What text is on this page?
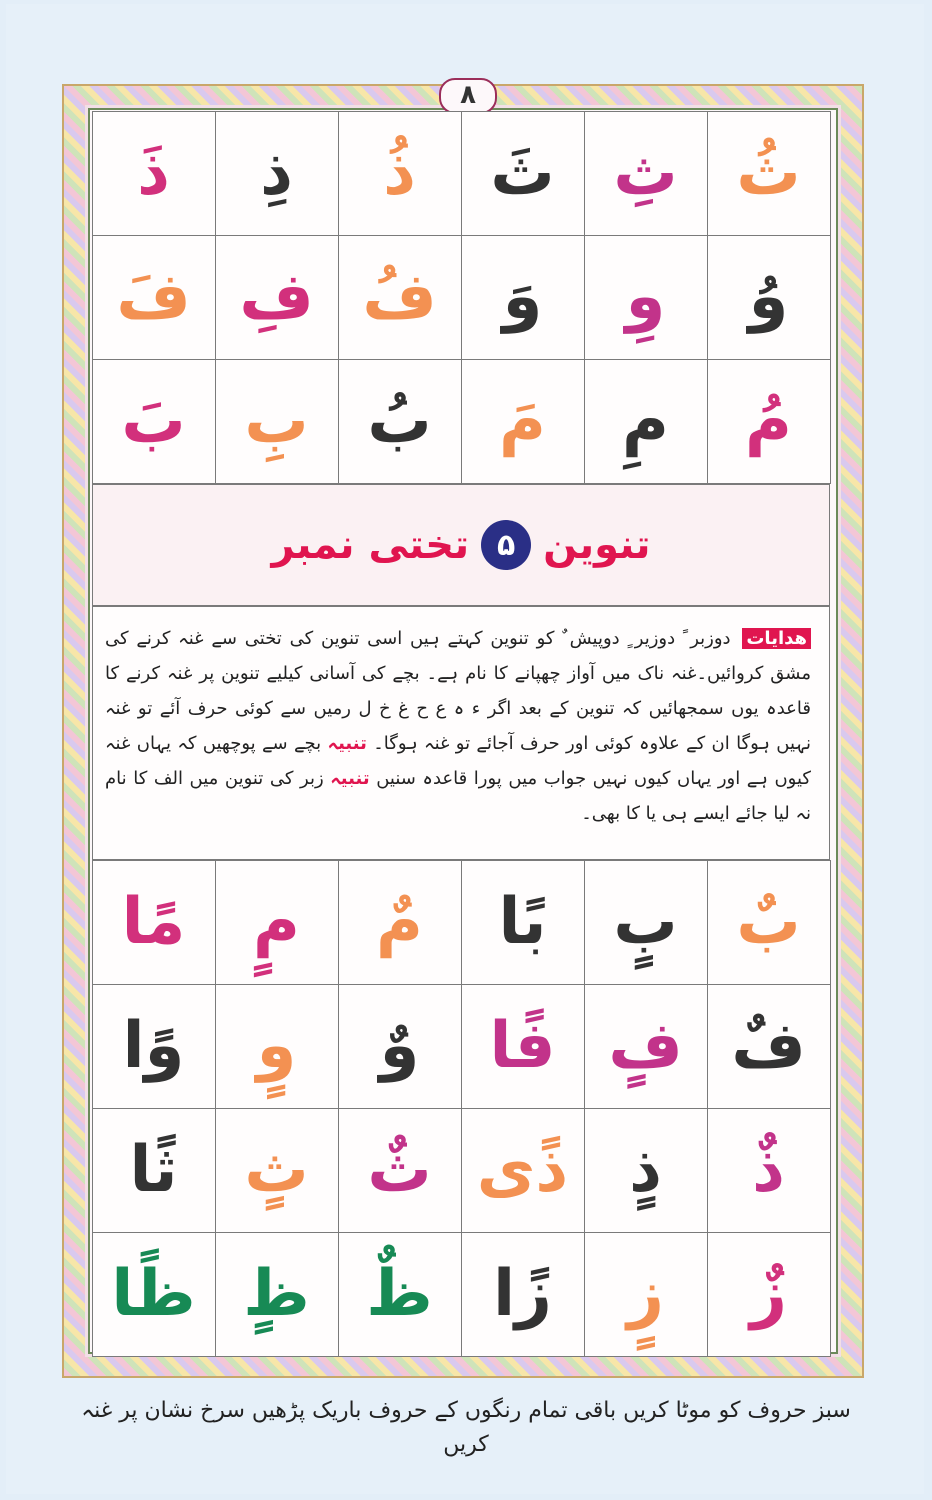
٨
ذَ	ذِ	ذُ	ثَ ثِ ثُ
فَ فِ فُ	وَ	وِ	وُ
بَ بِ بُ	مَ	مِ	مُ
تختی نمبر ۵ تنوین
ھدایات دوزبر ً دوزیر ٍ دوپیش ٌ کو تنوین کہتے ہیں اسی تنوین کی تختی سے غنہ کرنے کی مشق کروائیں۔غنہ ناک میں آواز چھپانے کا نام ہے۔ بچے کی آسانی کیلیے تنوین پر غنہ کرنے کا قاعدہ یوں سمجھائیں کہ تنوین کے بعد اگر ء ہ ع ح غ خ ل رمیں سے کوئی حرف آئے تو غنہ نہیں ہوگا ان کے علاوہ کوئی اور حرف آجائے تو غنہ ہوگا۔ تنبیہ بچے سے پوچھیں کہ یہاں غنہ کیوں ہے اور یہاں کیوں نہیں جواب میں پورا قاعدہ سنیں تنبیہ زبر کی تنوین میں الف کا نام نہ لیا جائے ایسے ہی یا کا بھی۔
مًا	مٍ	مٌ	بًا	بٍ بٌ
وًا	وٍ	وٌ	فًا فٍ فٌ
ثًا	ثٍ ثٌ ذًی ذٍ	ذٌ
ظًا ظٍ ظٌ زًا	زٍ	زٌ
سبز حروف کو موٹا کریں باقی تمام رنگوں کے حروف باریک پڑھیں سرخ نشان پر غنہ کریں
